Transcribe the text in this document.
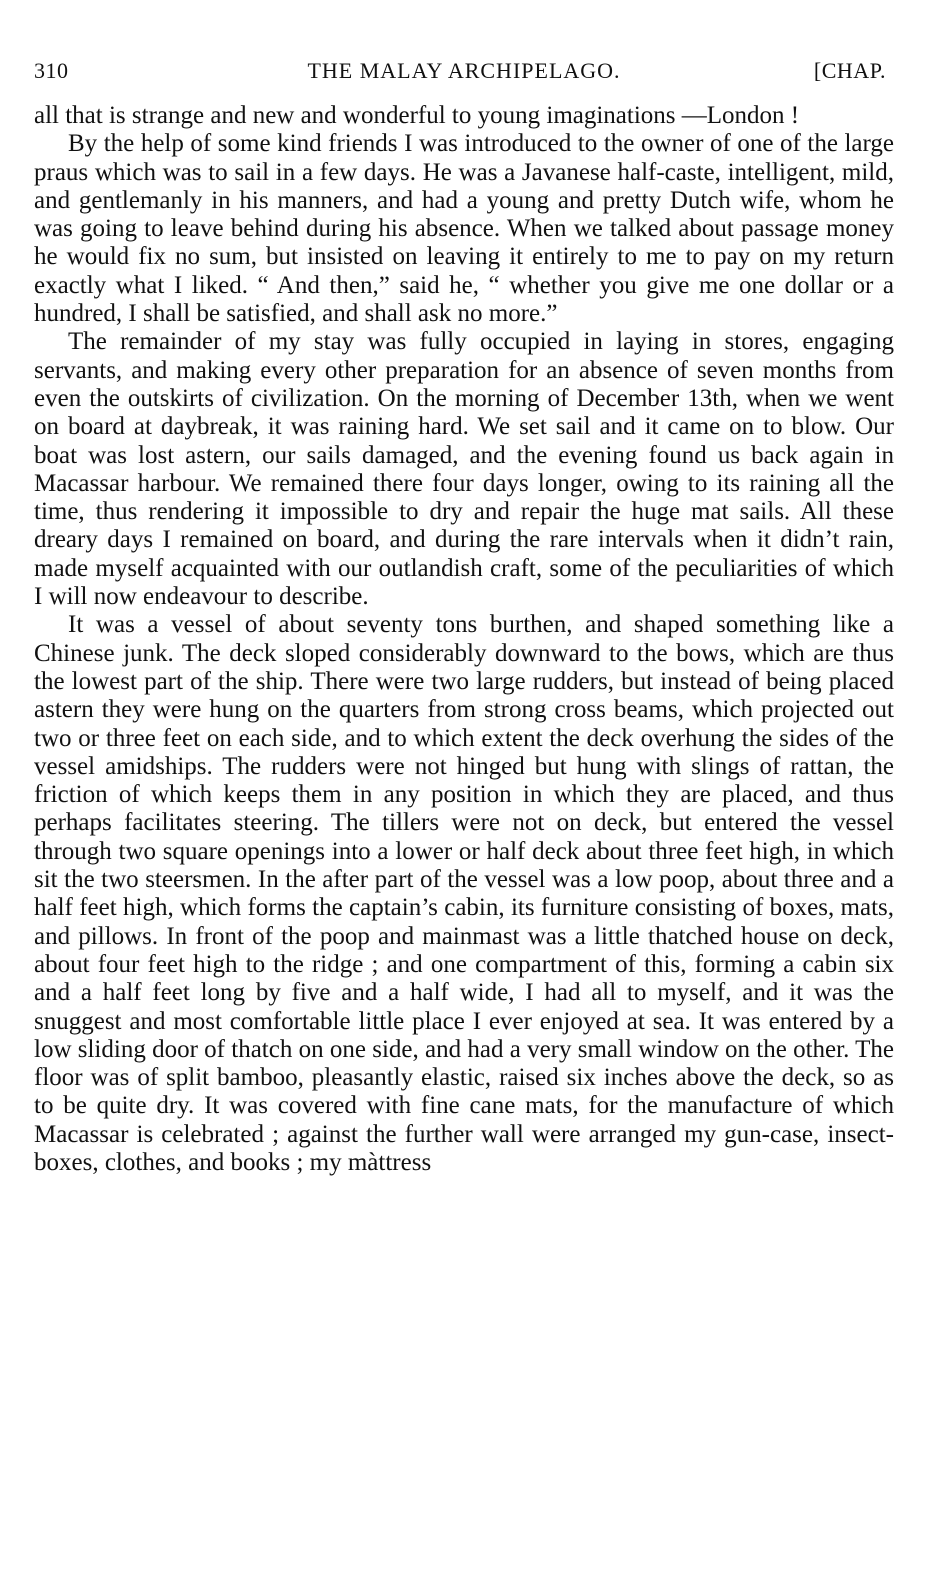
310	THE MALAY ARCHIPELAGO.	[CHAP.

all that is strange and new and wonderful to young imaginations —London !

By the help of some kind friends I was introduced to the owner of one of the large praus which was to sail in a few days. He was a Javanese half-caste, intelligent, mild, and gentlemanly in his manners, and had a young and pretty Dutch wife, whom he was going to leave behind during his absence. When we talked about passage money he would fix no sum, but insisted on leaving it entirely to me to pay on my return exactly what I liked. “ And then,” said he, “ whether you give me one dollar or a hundred, I shall be satisfied, and shall ask no more.”

The remainder of my stay was fully occupied in laying in stores, engaging servants, and making every other preparation for an absence of seven months from even the outskirts of civilization. On the morning of December 13th, when we went on board at daybreak, it was raining hard. We set sail and it came on to blow. Our boat was lost astern, our sails damaged, and the evening found us back again in Macassar harbour. We remained there four days longer, owing to its raining all the time, thus rendering it impossible to dry and repair the huge mat sails. All these dreary days I remained on board, and during the rare intervals when it didn’t rain, made myself acquainted with our outlandish craft, some of the peculiarities of which I will now endeavour to describe.

It was a vessel of about seventy tons burthen, and shaped something like a Chinese junk. The deck sloped considerably downward to the bows, which are thus the lowest part of the ship. There were two large rudders, but instead of being placed astern they were hung on the quarters from strong cross beams, which projected out two or three feet on each side, and to which extent the deck overhung the sides of the vessel amidships. The rudders were not hinged but hung with slings of rattan, the friction of which keeps them in any position in which they are placed, and thus perhaps facilitates steering. The tillers were not on deck, but entered the vessel through two square openings into a lower or half deck about three feet high, in which sit the two steersmen. In the after part of the vessel was a low poop, about three and a half feet high, which forms the captain’s cabin, its furniture consisting of boxes, mats, and pillows. In front of the poop and mainmast was a little thatched house on deck, about four feet high to the ridge ; and one compartment of this, forming a cabin six and a half feet long by five and a half wide, I had all to myself, and it was the snuggest and most comfortable little place I ever enjoyed at sea. It was entered by a low sliding door of thatch on one side, and had a very small window on the other. The floor was of split bamboo, pleasantly elastic, raised six inches above the deck, so as to be quite dry. It was covered with fine cane mats, for the manufacture of which Macassar is celebrated ; against the further wall were arranged my gun-case, insect-boxes, clothes, and books ; my màttress
